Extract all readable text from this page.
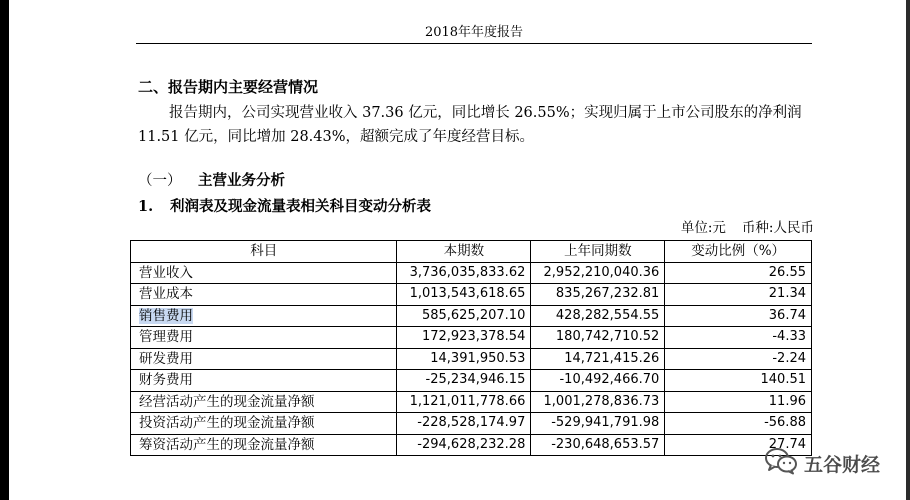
2018年年度报告
二、报告期内主要经营情况
报告期内，公司实现营业收入 37.36 亿元，同比增长 26.55%；实现归属于上市公司股东的净利润 11.51 亿元，同比增加 28.43%，超额完成了年度经营目标。
（一） 主营业务分析
1. 利润表及现金流量表相关科目变动分析表
单位:元 币种:人民币
科目	本期数	上年同期数	变动比例（%）
营业收入	3,736,035,833.62	2,952,210,040.36	26.55
营业成本	1,013,543,618.65	835,267,232.81	21.34
销售费用	585,625,207.10	428,282,554.55	36.74
管理费用	172,923,378.54	180,742,710.52	-4.33
研发费用	14,391,950.53	14,721,415.26	-2.24
财务费用	-25,234,946.15	-10,492,466.70	140.51
经营活动产生的现金流量净额	1,121,011,778.66	1,001,278,836.73	11.96
投资活动产生的现金流量净额	-228,528,174.97	-529,941,791.98	-56.88
筹资活动产生的现金流量净额	-294,628,232.28	-230,648,653.57	27.74
五谷财经
